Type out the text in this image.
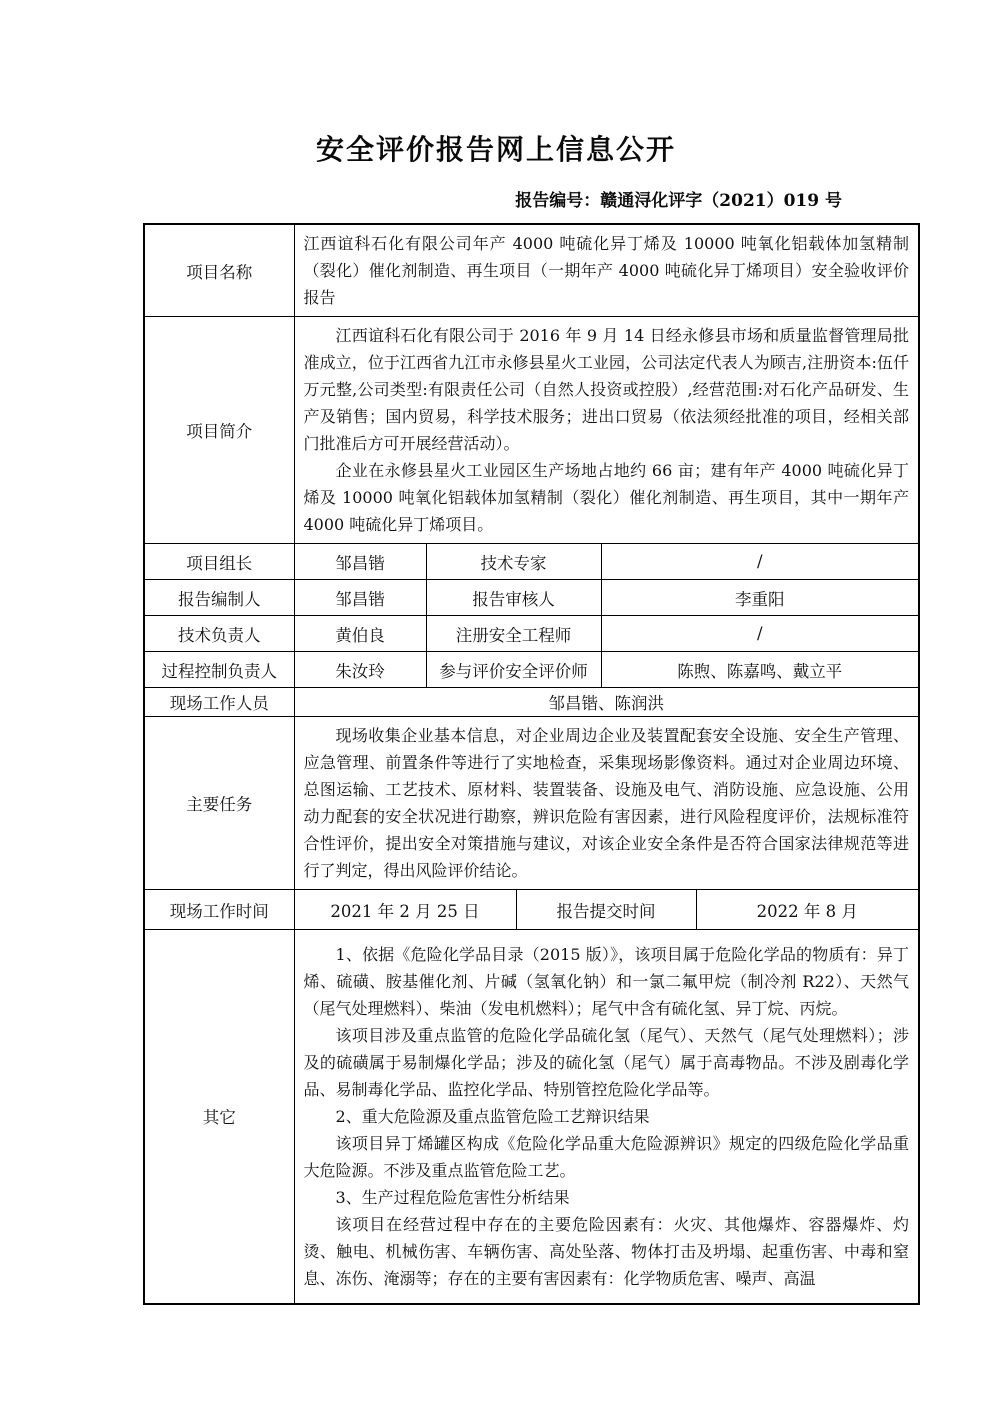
安全评价报告网上信息公开
报告编号：赣通浔化评字（2021）019 号
项目名称	江西谊科石化有限公司年产 4000 吨硫化异丁烯及 10000 吨氧化铝载体加氢精制（裂化）催化剂制造、再生项目（一期年产 4000 吨硫化异丁烯项目）安全验收评价报告				

项目简介	江西谊科石化有限公司于 2016 年 9 月 14 日经永修县市场和质量监督管理局批准成立，位于江西省九江市永修县星火工业园，公司法定代表人为顾吉,注册资本:伍仟万元整,公司类型:有限责任公司（自然人投资或控股）,经营范围:对石化产品研发、生产及销售；国内贸易，科学技术服务；进出口贸易（依法须经批准的项目，经相关部门批准后方可开展经营活动）。

企业在永修县星火工业园区生产场地占地约 66 亩；建有年产 4000 吨硫化异丁烯及 10000 吨氧化铝载体加氢精制（裂化）催化剂制造、再生项目，其中一期年产 4000 吨硫化异丁烯项目。				

项目组长	邹昌锴	技术专家		/	
报告编制人	邹昌锴	报告审核人		李重阳	
技术负责人	黄伯良	注册安全工程师		/	
过程控制负责人	朱汝玲	参与评价安全评价师		陈煦、陈嘉鸣、戴立平	
现场工作人员	邹昌锴、陈润洪				
主要任务	现场收集企业基本信息，对企业周边企业及装置配套安全设施、安全生产管理、应急管理、前置条件等进行了实地检查，采集现场影像资料。通过对企业周边环境、总图运输、工艺技术、原材料、装置装备、设施及电气、消防设施、应急设施、公用动力配套的安全状况进行勘察，辨识危险有害因素，进行风险程度评价，法规标准符合性评价，提出安全对策措施与建议，对该企业安全条件是否符合国家法律规范等进行了判定，得出风险评价结论。				

现场工作时间	2021 年 2 月 25 日		报告提交时间		2022 年 8 月
其它	

1、依据《危险化学品目录（2015 版）》，该项目属于危险化学品的物质有：异丁烯、硫磺、胺基催化剂、片碱（氢氧化钠）和一氯二氟甲烷（制冷剂 R22）、天然气（尾气处理燃料）、柴油（发电机燃料）；尾气中含有硫化氢、异丁烷、丙烷。

该项目涉及重点监管的危险化学品硫化氢（尾气）、天然气（尾气处理燃料）；涉及的硫磺属于易制爆化学品；涉及的硫化氢（尾气）属于高毒物品。不涉及剧毒化学品、易制毒化学品、监控化学品、特别管控危险化学品等。

2、重大危险源及重点监管危险工艺辩识结果

该项目异丁烯罐区构成《危险化学品重大危险源辨识》规定的四级危险化学品重大危险源。不涉及重点监管危险工艺。

3、生产过程危险危害性分析结果

该项目在经营过程中存在的主要危险因素有：火灾、其他爆炸、容器爆炸、灼烫、触电、机械伤害、车辆伤害、高处坠落、物体打击及坍塌、起重伤害、中毒和窒息、冻伤、淹溺等；存在的主要有害因素有：化学物质危害、噪声、高温
